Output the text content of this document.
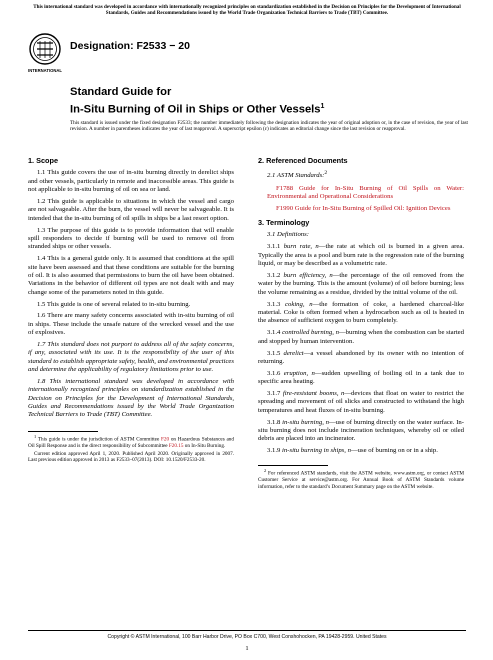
This international standard was developed in accordance with internationally recognized principles on standardization established in the Decision on Principles for the Development of International Standards, Guides and Recommendations issued by the World Trade Organization Technical Barriers to Trade (TBT) Committee.
INTERNATIONAL
Designation: F2533 − 20
Standard Guide for
In-Situ Burning of Oil in Ships or Other Vessels$^1$
This standard is issued under the fixed designation F2533; the number immediately following the designation indicates the year of original adoption or, in the case of revision, the year of last revision. A number in parentheses indicates the year of last reapproval. A superscript epsilon (ε) indicates an editorial change since the last revision or reapproval.
1. Scope

1.1 This guide covers the use of in-situ burning directly in derelict ships and other vessels, particularly in remote and inaccessible areas. This guide is not applicable to in-situ burning of oil on sea or land.

1.2 This guide is applicable to situations in which the vessel and cargo are not salvageable. After the burn, the vessel will never be salvageable. It is intended that the in-situ burning of oil spills in ships be a last resort option.

1.3 The purpose of this guide is to provide information that will enable spill responders to decide if burning will be used to remove oil from stranded ships or other vessels.

1.4 This is a general guide only. It is assumed that conditions at the spill site have been assessed and that these conditions are suitable for the burning of oil. It is also assumed that permissions to burn the oil have been obtained. Variations in the behavior of different oil types are not dealt with and may change some of the parameters noted in this guide.

1.5 This guide is one of several related to in-situ burning.

1.6 There are many safety concerns associated with in-situ burning of oil in ships. These include the unsafe nature of the wrecked vessel and the use of explosives.

1.7 This standard does not purport to address all of the safety concerns, if any, associated with its use. It is the responsibility of the user of this standard to establish appropriate safety, health, and environmental practices and determine the applicability of regulatory limitations prior to use.

1.8 This international standard was developed in accordance with internationally recognized principles on standardization established in the Decision on Principles for the Development of International Standards, Guides and Recommendations issued by the World Trade Organization Technical Barriers to Trade (TBT) Committee.

$^1$ This guide is under the jurisdiction of ASTM Committee F20 on Hazardous Substances and Oil Spill Response and is the direct responsibility of Subcommittee F20.15 on In-Situ Burning.

Current edition approved April 1, 2020. Published April 2020. Originally approved in 2007. Last previous edition approved in 2013 as F2533–07(2013). DOI: 10.1520/F2533-20.

2. Referenced Documents

2.1 ASTM Standards:$^2$

F1788 Guide for In-Situ Burning of Oil Spills on Water: Environmental and Operational Considerations

F1990 Guide for In-Situ Burning of Spilled Oil: Ignition Devices

3. Terminology

3.1 Definitions:

3.1.1 burn rate, n—the rate at which oil is burned in a given area. Typically the area is a pool and burn rate is the regression rate of the burning liquid, or may be described as a volumetric rate.

3.1.2 burn efficiency, n—the percentage of the oil removed from the water by the burning. This is the amount (volume) of oil before burning; less the volume remaining as a residue, divided by the initial volume of the oil.

3.1.3 coking, n—the formation of coke, a hardened charcoal-like material. Coke is often formed when a hydrocarbon such as oil is heated in the absence of sufficient oxygen to burn completely.

3.1.4 controlled burning, n—burning when the combustion can be started and stopped by human intervention.

3.1.5 derelict—a vessel abandoned by its owner with no intention of returning.

3.1.6 eruption, n—sudden upwelling of boiling oil in a tank due to specific area heating.

3.1.7 fire-resistant booms, n—devices that float on water to restrict the spreading and movement of oil slicks and constructed to withstand the high temperatures and heat fluxes of in-situ burning.

3.1.8 in-situ burning, n—use of burning directly on the water surface. In-situ burning does not include incineration techniques, whereby oil or oiled debris are placed into an incinerator.

3.1.9 in-situ burning in ships, n—use of burning on or in a ship.

$^2$ For referenced ASTM standards, visit the ASTM website, www.astm.org, or contact ASTM Customer Service at service@astm.org. For Annual Book of ASTM Standards volume information, refer to the standard’s Document Summary page on the ASTM website.

Copyright © ASTM International, 100 Barr Harbor Drive, PO Box C700, West Conshohocken, PA 19428-2959. United States
1
